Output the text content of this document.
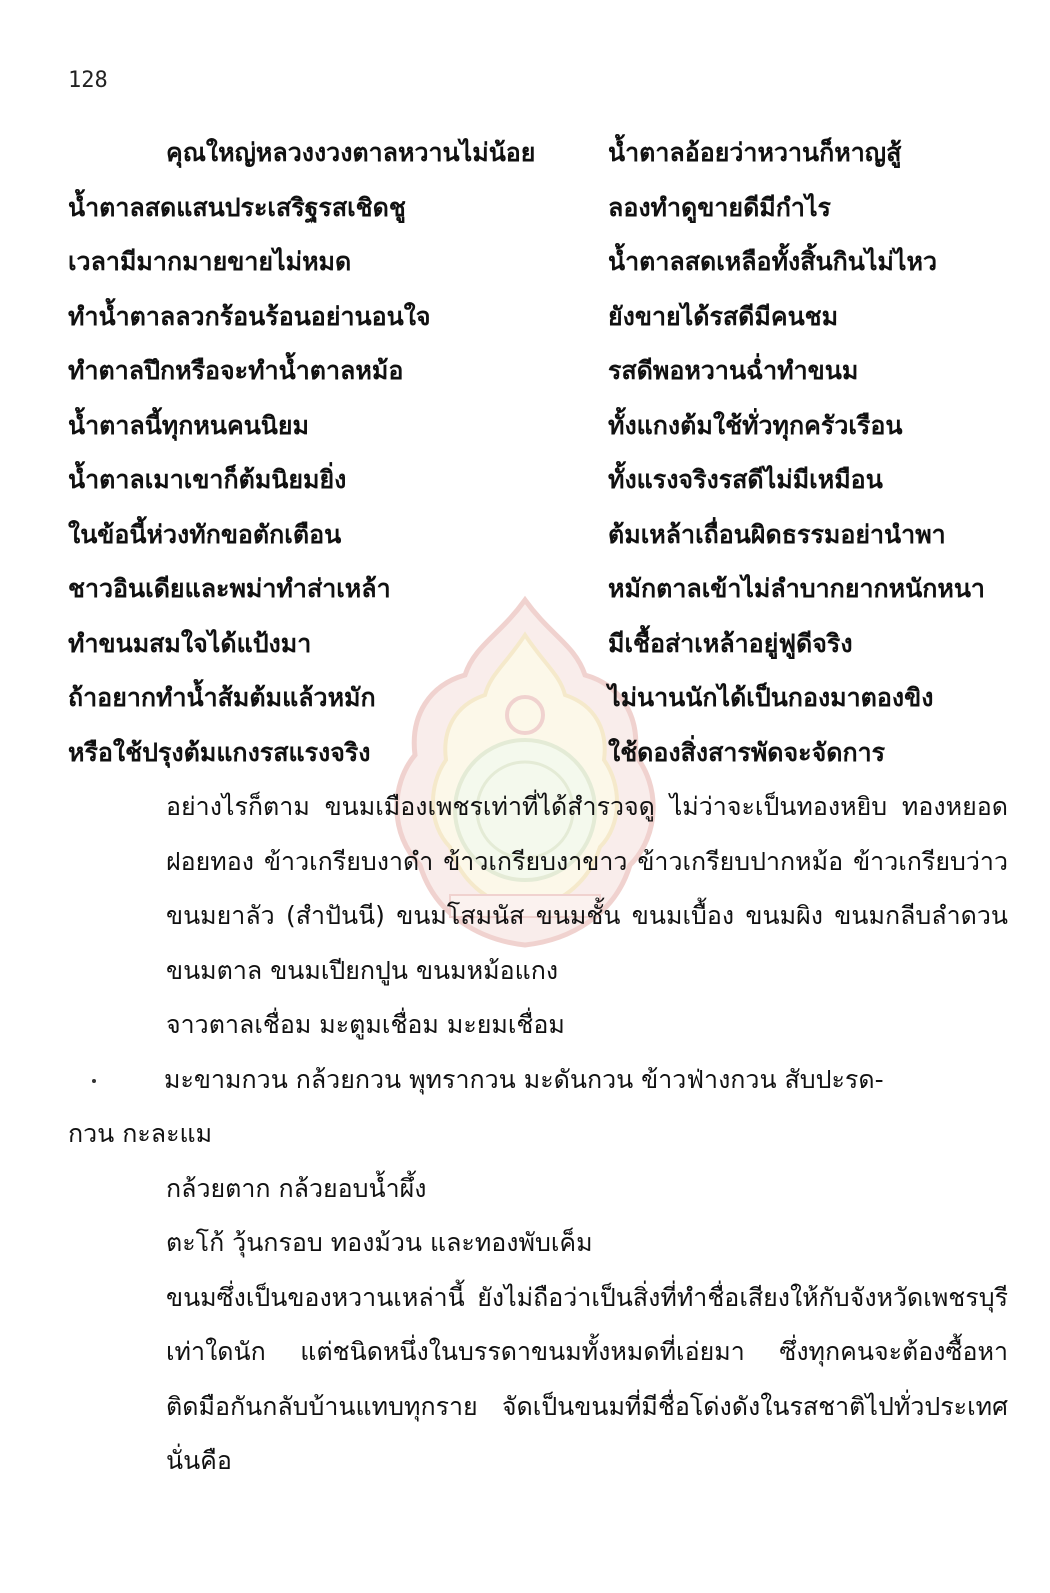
128
คุณใหญ่หลวงงวงตาลหวานไม่น้อย	น้ำตาลอ้อยว่าหวานก็หาญสู้
น้ำตาลสดแสนประเสริฐรสเชิดชู	ลองทำดูขายดีมีกำไร
เวลามีมากมายขายไม่หมด	น้ำตาลสดเหลือทั้งสิ้นกินไม่ไหว
ทำน้ำตาลลวกร้อนร้อนอย่านอนใจ	ยังขายได้รสดีมีคนชม
ทำตาลปึกหรือจะทำน้ำตาลหม้อ	รสดีพอหวานฉ่ำทำขนม
น้ำตาลนี้ทุกหนคนนิยม	ทั้งแกงต้มใช้ทั่วทุกครัวเรือน
น้ำตาลเมาเขาก็ต้มนิยมยิ่ง	ทั้งแรงจริงรสดีไม่มีเหมือน
ในข้อนี้ห่วงทักขอตักเตือน	ต้มเหล้าเถื่อนผิดธรรมอย่านำพา
ชาวอินเดียและพม่าทำส่าเหล้า	หมักตาลเข้าไม่ลำบากยากหนักหนา
ทำขนมสมใจได้แป้งมา	มีเชื้อส่าเหล้าอยู่ฟูดีจริง
ถ้าอยากทำน้ำส้มต้มแล้วหมัก	ไม่นานนักได้เป็นกองมาตองขิง
หรือใช้ปรุงต้มแกงรสแรงจริง	ใช้ดองสิ่งสารพัดจะจัดการ

อย่างไรก็ตาม ขนมเมืองเพชรเท่าที่ได้สำรวจดู ไม่ว่าจะเป็นทองหยิบ ทองหยอด ฝอยทอง ข้าวเกรียบงาดำ ข้าวเกรียบงาขาว ข้าวเกรียบปากหม้อ ข้าวเกรียบว่าว ขนมยาลัว (สำปันนี) ขนมโสมนัส ขนมชั้น ขนมเบื้อง ขนมผิง ขนมกลีบลำดวน ขนมตาล ขนมเปียกปูน ขนมหม้อแกง

จาวตาลเชื่อม มะตูมเชื่อม มะยมเชื่อม

มะขามกวน กล้วยกวน พุทรากวน มะดันกวน ข้าวฟ่างกวน สับปะรด-

กวน กะละแม

กล้วยตาก กล้วยอบน้ำผึ้ง

ตะโก้ วุ้นกรอบ ทองม้วน และทองพับเค็ม

ขนมซึ่งเป็นของหวานเหล่านี้ ยังไม่ถือว่าเป็นสิ่งที่ทำชื่อเสียงให้กับจังหวัดเพชรบุรีเท่าใดนัก แต่ชนิดหนึ่งในบรรดาขนมทั้งหมดที่เอ่ยมา ซึ่งทุกคนจะต้องซื้อหาติดมือกันกลับบ้านแทบทุกราย จัดเป็นขนมที่มีชื่อโด่งดังในรสชาติไปทั่วประเทศนั่นคือ
